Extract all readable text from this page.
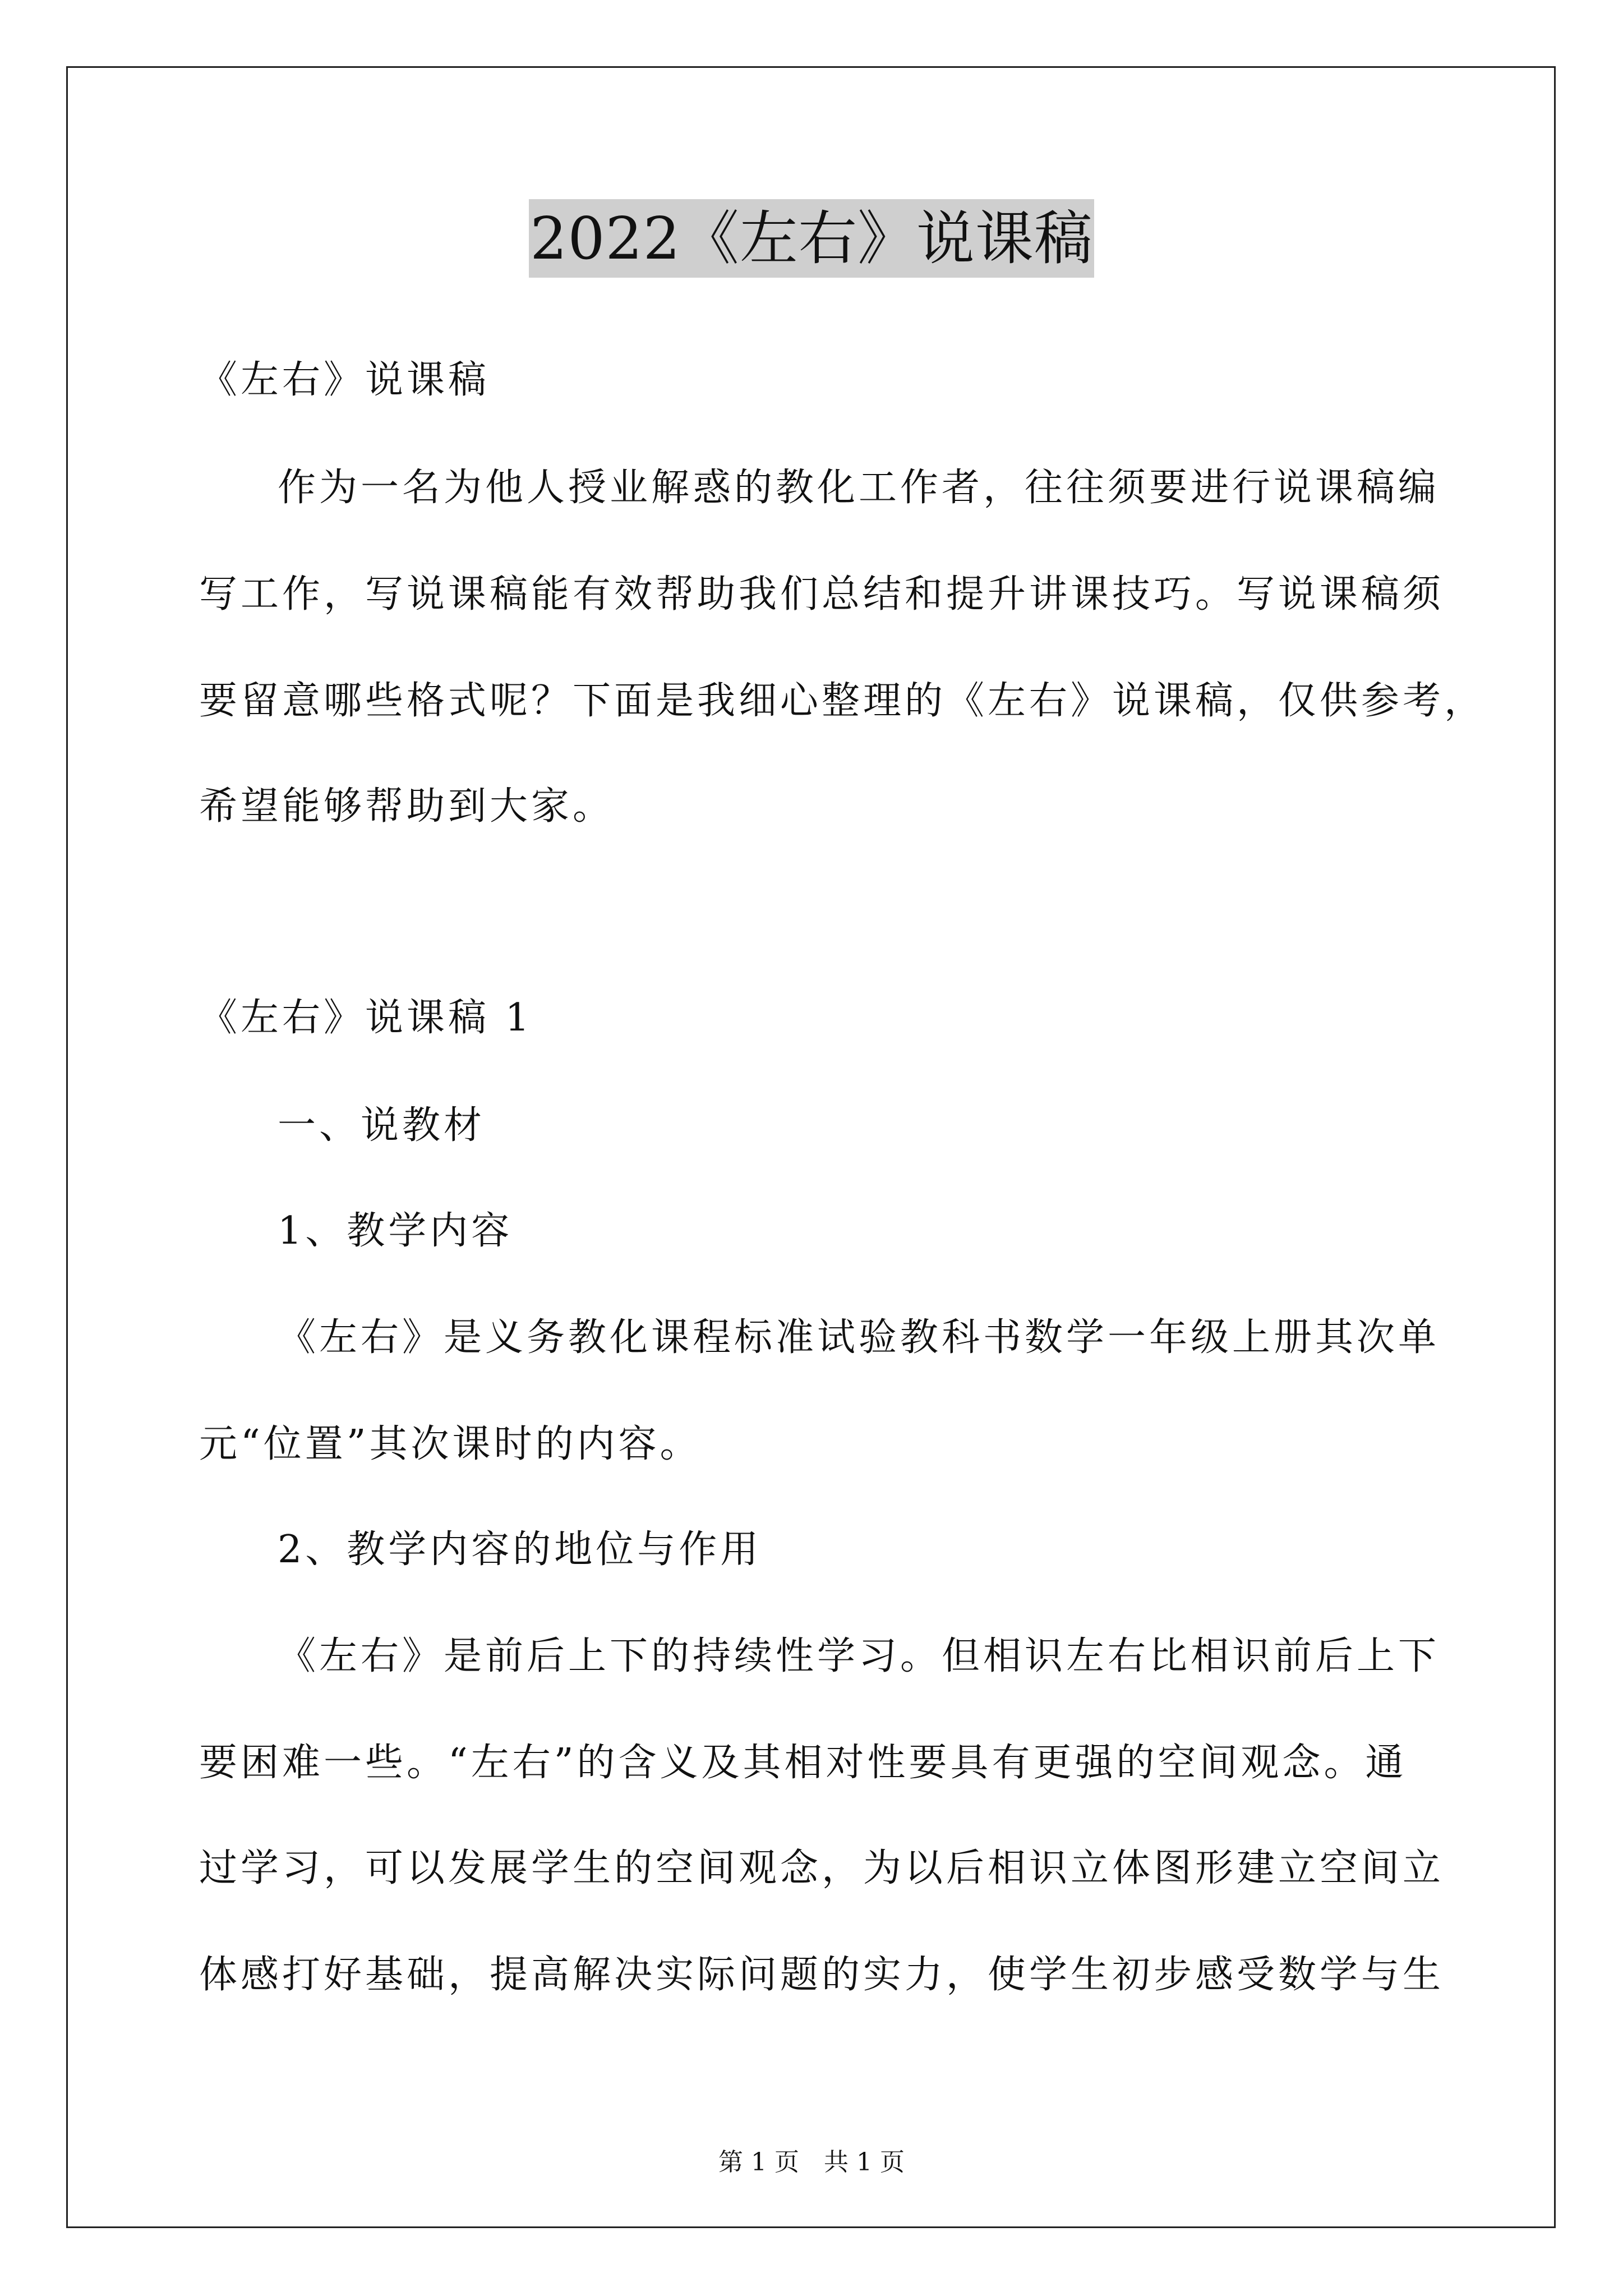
2022《左右》说课稿
《左右》说课稿
作为一名为他人授业解惑的教化工作者，往往须要进行说课稿编
写工作，写说课稿能有效帮助我们总结和提升讲课技巧。写说课稿须
要留意哪些格式呢？下面是我细心整理的《左右》说课稿，仅供参考，
希望能够帮助到大家。
《左右》说课稿 1
一、说教材
1、教学内容
《左右》是义务教化课程标准试验教科书数学一年级上册其次单
元“位置”其次课时的内容。
2、教学内容的地位与作用
《左右》是前后上下的持续性学习。但相识左右比相识前后上下
要困难一些。“左右”的含义及其相对性要具有更强的空间观念。通
过学习，可以发展学生的空间观念，为以后相识立体图形建立空间立
体感打好基础，提高解决实际问题的实力，使学生初步感受数学与生
第 1 页　共 1 页
